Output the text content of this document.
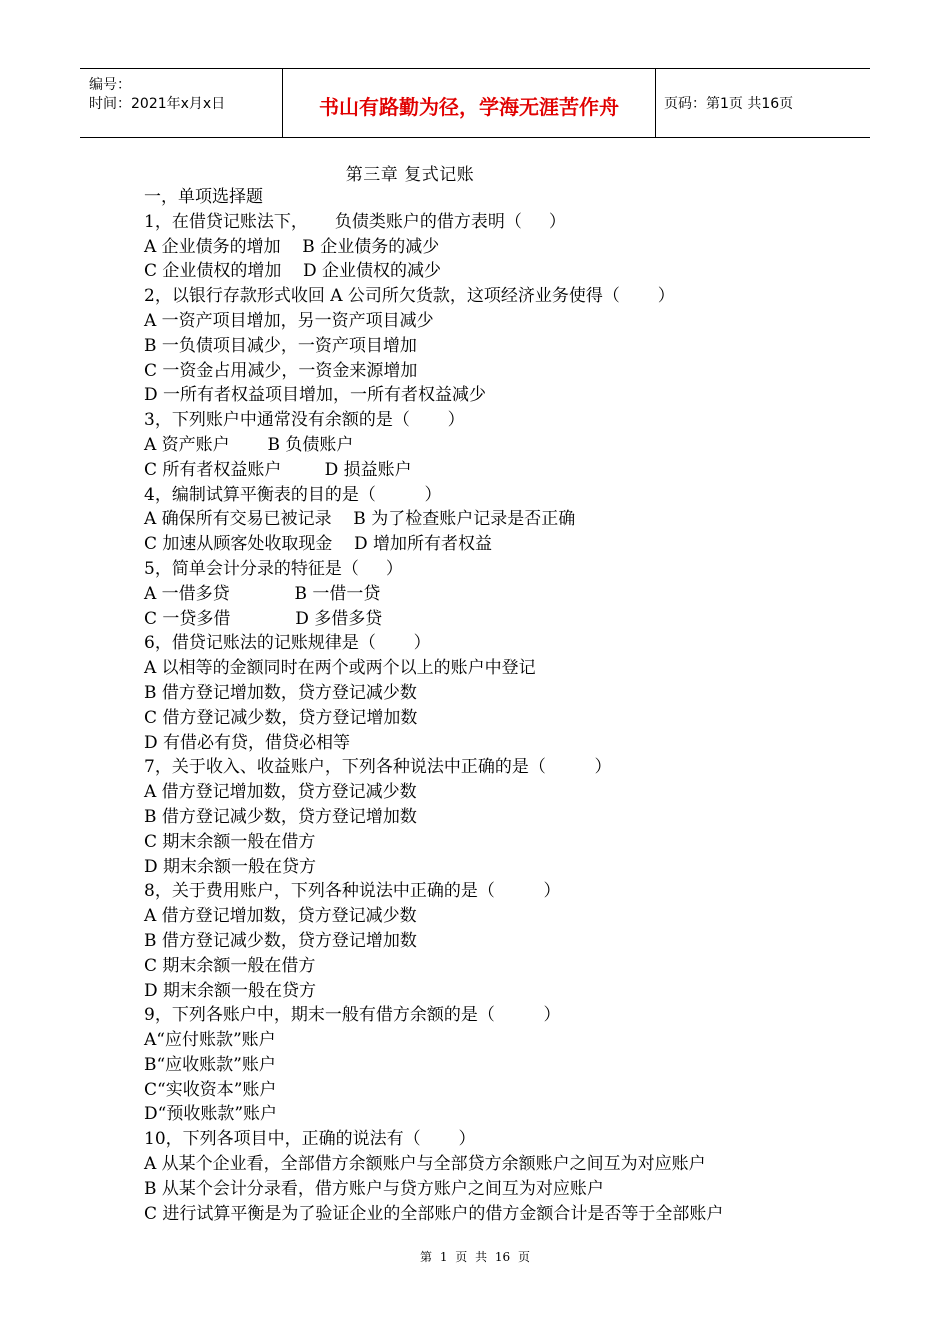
编号：
时间：2021年x月x日	书山有路勤为径，学海无涯苦作舟	页码：第1页 共16页
第三章 复式记账
一，单项选择题
1，在借贷记账法下，     负债类账户的借方表明（     ）
A 企业债务的增加    B 企业债务的减少
C 企业债权的增加    D 企业债权的减少
2，以银行存款形式收回 A 公司所欠货款，这项经济业务使得（       ）
A 一资产项目增加，另一资产项目减少
B 一负债项目减少，一资产项目增加
C 一资金占用减少，一资金来源增加
D 一所有者权益项目增加，一所有者权益减少
3，下列账户中通常没有余额的是（       ）
A 资产账户       B 负债账户
C 所有者权益账户        D 损益账户
4，编制试算平衡表的目的是（         ）
A 确保所有交易已被记录    B 为了检查账户记录是否正确
C 加速从顾客处收取现金    D 增加所有者权益
5，简单会计分录的特征是（     ）
A 一借多贷            B 一借一贷
C 一贷多借            D 多借多贷
6，借贷记账法的记账规律是（       ）
A 以相等的金额同时在两个或两个以上的账户中登记
B 借方登记增加数，贷方登记减少数
C 借方登记减少数，贷方登记增加数
D 有借必有贷，借贷必相等
7，关于收入、收益账户，下列各种说法中正确的是（         ）
A 借方登记增加数，贷方登记减少数
B 借方登记减少数，贷方登记增加数
C 期末余额一般在借方
D 期末余额一般在贷方
8，关于费用账户，下列各种说法中正确的是（         ）
A 借方登记增加数，贷方登记减少数
B 借方登记减少数，贷方登记增加数
C 期末余额一般在借方
D 期末余额一般在贷方
9，下列各账户中，期末一般有借方余额的是（         ）
A“应付账款”账户
B“应收账款”账户
C“实收资本”账户
D“预收账款”账户
10，下列各项目中，正确的说法有（       ）
A 从某个企业看，全部借方余额账户与全部贷方余额账户之间互为对应账户
B 从某个会计分录看，借方账户与贷方账户之间互为对应账户
C 进行试算平衡是为了验证企业的全部账户的借方金额合计是否等于全部账户
第 1 页 共 16 页
